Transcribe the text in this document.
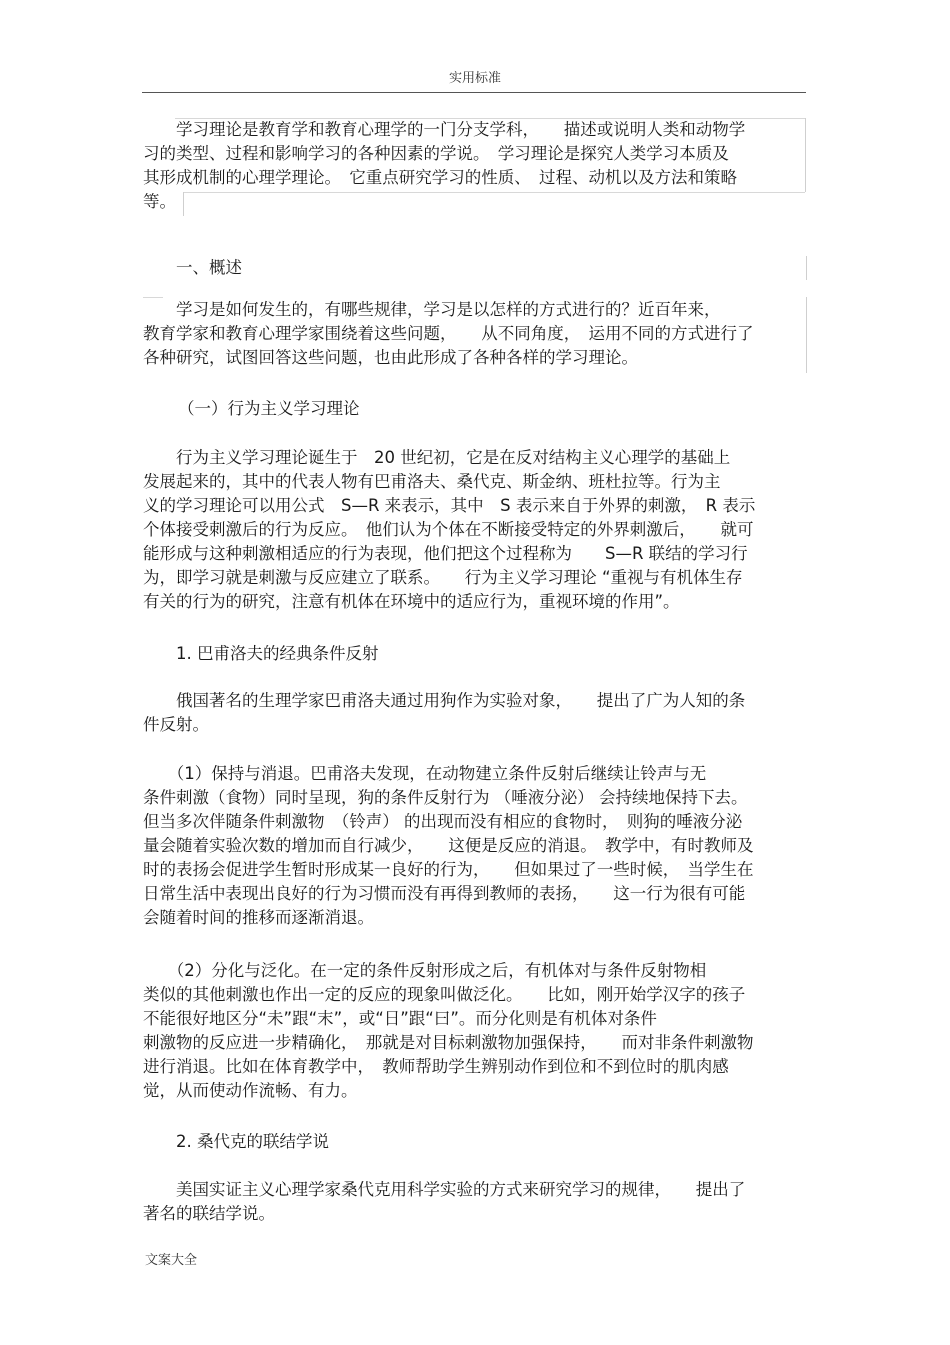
实用标准
　　学习理论是教育学和教育心理学的一门分支学科，　　描述或说明人类和动物学
习的类型、过程和影响学习的各种因素的学说。　学习理论是探究人类学习本质及
其形成机制的心理学理论。　它重点研究学习的性质、　过程、动机以及方法和策略
等。
一、概述
　　学习是如何发生的，有哪些规律，学习是以怎样的方式进行的？近百年来，
教育学家和教育心理学家围绕着这些问题，　　从不同角度，　运用不同的方式进行了
各种研究，试图回答这些问题，也由此形成了各种各样的学习理论。
（一）行为主义学习理论
　　行为主义学习理论诞生于　20 世纪初，它是在反对结构主义心理学的基础上
发展起来的，其中的代表人物有巴甫洛夫、桑代克、斯金纳、班杜拉等。行为主
义的学习理论可以用公式　S—R 来表示，其中　S 表示来自于外界的刺激，　R 表示
个体接受刺激后的行为反应。　他们认为个体在不断接受特定的外界刺激后，　　就可
能形成与这种刺激相适应的行为表现，他们把这个过程称为　　S—R 联结的学习行
为，即学习就是刺激与反应建立了联系。　　行为主义学习理论 “重视与有机体生存
有关的行为的研究，注意有机体在环境中的适应行为，重视环境的作用”。
1. 巴甫洛夫的经典条件反射
　　俄国著名的生理学家巴甫洛夫通过用狗作为实验对象，　　提出了广为人知的条
件反射。
　　（1）保持与消退。巴甫洛夫发现，在动物建立条件反射后继续让铃声与无
条件刺激（食物）同时呈现，狗的条件反射行为 （唾液分泌） 会持续地保持下去。
但当多次伴随条件刺激物　（铃声） 的出现而没有相应的食物时，　则狗的唾液分泌
量会随着实验次数的增加而自行减少，　　这便是反应的消退。　教学中，有时教师及
时的表扬会促进学生暂时形成某一良好的行为，　　但如果过了一些时候，　当学生在
日常生活中表现出良好的行为习惯而没有再得到教师的表扬，　　这一行为很有可能
会随着时间的推移而逐渐消退。
　　（2）分化与泛化。在一定的条件反射形成之后，有机体对与条件反射物相
类似的其他刺激也作出一定的反应的现象叫做泛化。　　比如，刚开始学汉字的孩子
不能很好地区分“未”跟“末”，或“日”跟“曰”。而分化则是有机体对条件
刺激物的反应进一步精确化，　那就是对目标刺激物加强保持，　　而对非条件刺激物
进行消退。比如在体育教学中，　教师帮助学生辨别动作到位和不到位时的肌肉感
觉，从而使动作流畅、有力。
2. 桑代克的联结学说
　　美国实证主义心理学家桑代克用科学实验的方式来研究学习的规律，　　提出了
著名的联结学说。
文案大全
